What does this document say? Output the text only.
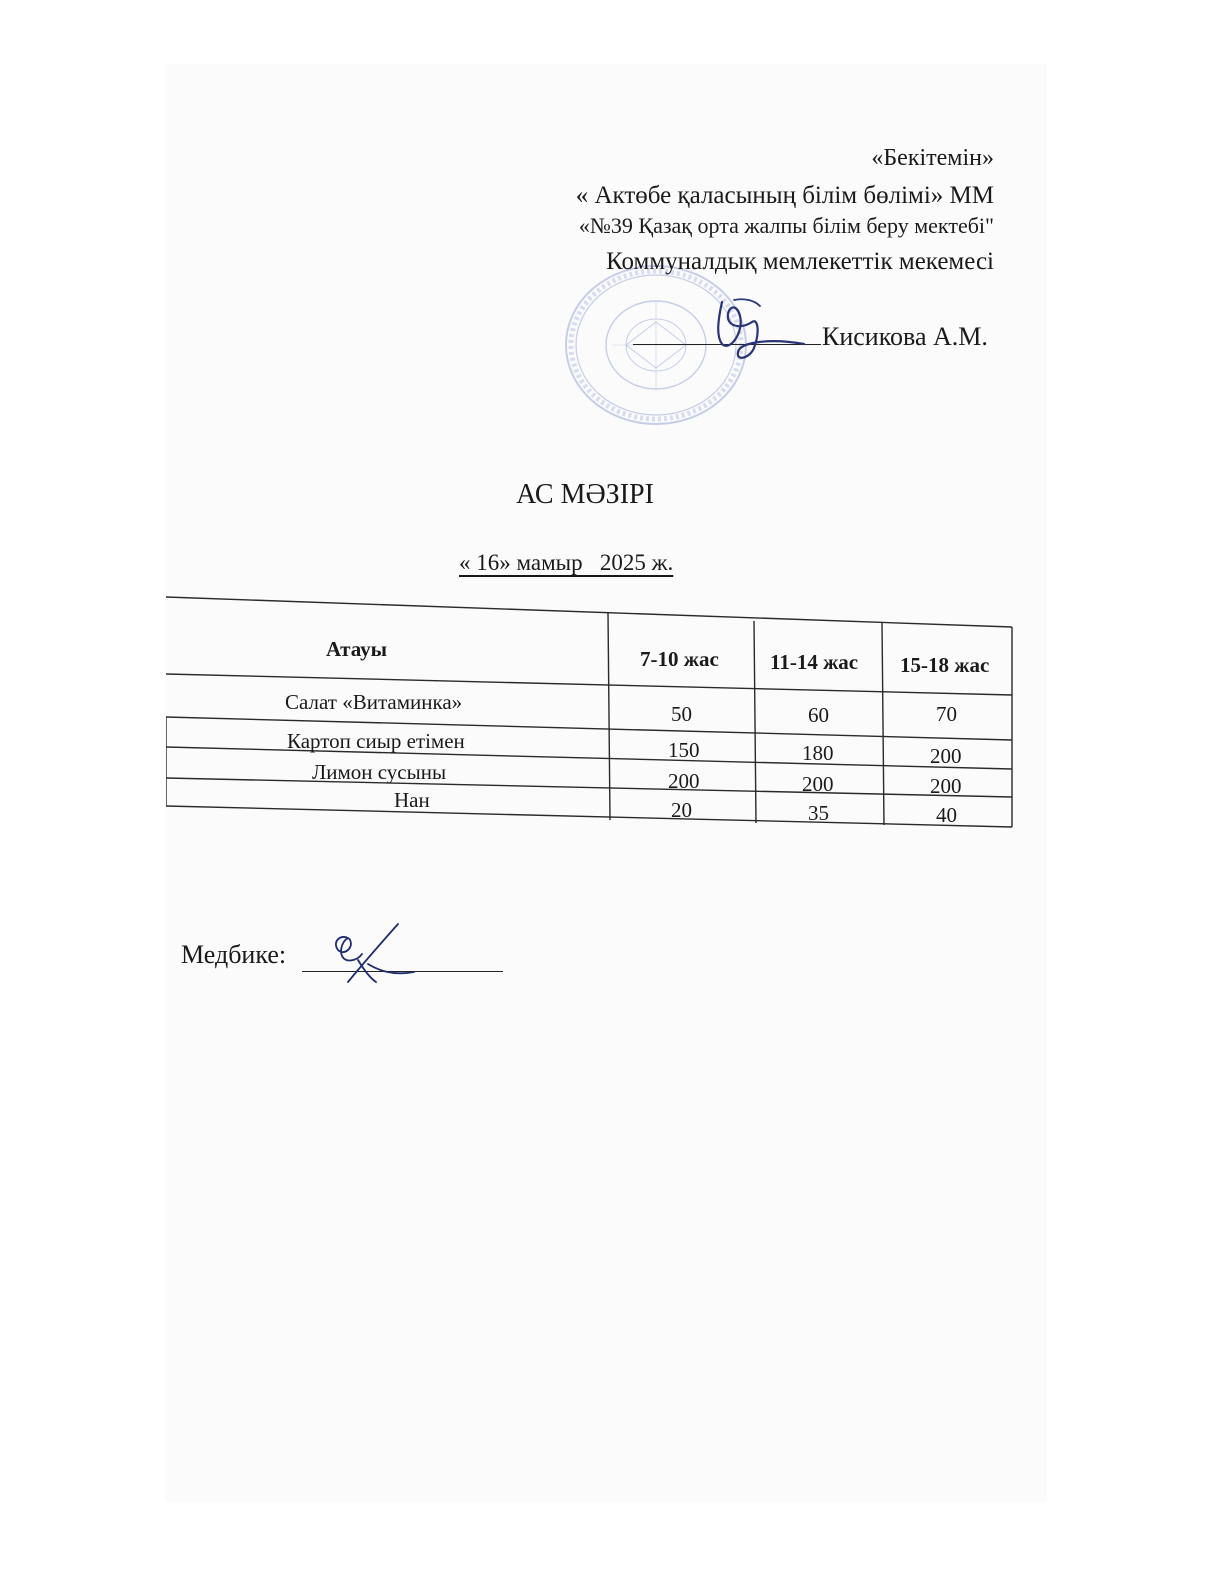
«Бекітемін»
« Актөбе қаласының білім бөлімі» ММ
«№39 Қазақ орта жалпы білім беру мектебі"
Коммуналдық мемлекеттік мекемесі
Кисикова А.М.
АС МӘЗІРІ
« 16» мамыр   2025 ж.
Атауы	7-10 жас 11-14 жас 15-18 жас
Салат «Витаминка»	50	60	70
Картоп сиыр етімен	150	180	200
Лимон сусыны	200	200	200
Нан	20	35	40
Медбике:
